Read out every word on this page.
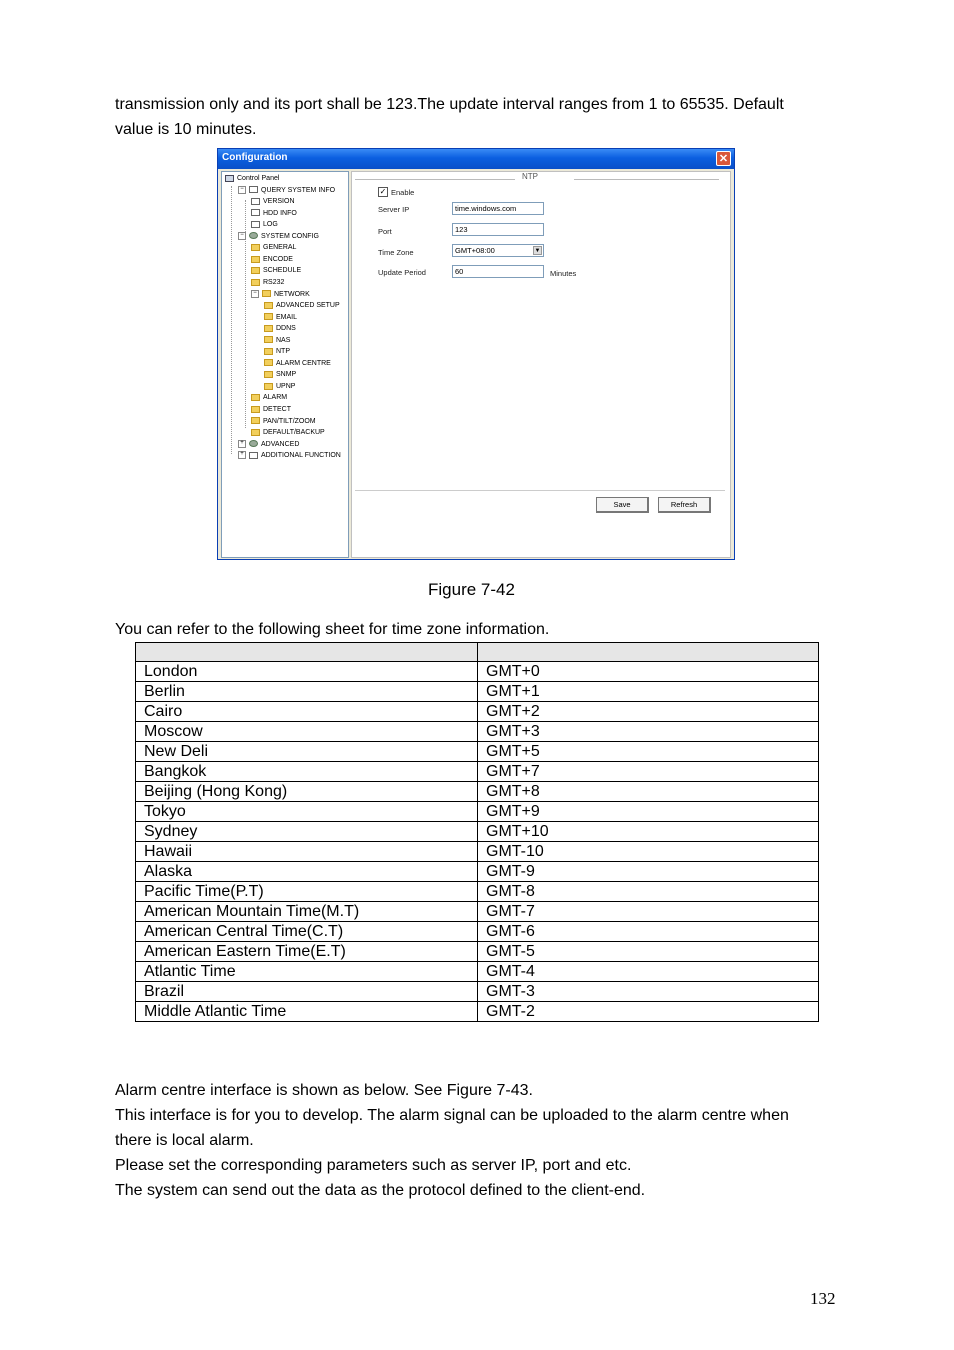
transmission only and its port shall be 123.The update interval ranges from 1 to 65535. Default
value is 10 minutes.
Configuration	✕
Control Panel
− QUERY SYSTEM INFO
VERSION
HDD INFO
LOG
− SYSTEM CONFIG
GENERAL
ENCODE
SCHEDULE
RS232
− NETWORK
ADVANCED SETUP
EMAIL
DDNS
NAS
NTP
ALARM CENTRE
SNMP
UPNP
ALARM
DETECT
PAN/TILT/ZOOM
DEFAULT/BACKUP
+ ADVANCED
+ ADDITIONAL FUNCTION
NTP
✓ Enable
Server IP	time.windows.com
Port	123
Time Zone	GMT+08:00	▼
Update Period	60	Minutes
Save	Refresh
Figure 7-42
You can refer to the following sheet for time zone information.

London	GMT+0
Berlin	GMT+1
Cairo	GMT+2
Moscow	GMT+3
New Deli	GMT+5
Bangkok	GMT+7
Beijing (Hong Kong)	GMT+8
Tokyo	GMT+9
Sydney	GMT+10
Hawaii	GMT-10
Alaska	GMT-9
Pacific Time(P.T)	GMT-8
American Mountain Time(M.T)	GMT-7
American Central Time(C.T)	GMT-6
American Eastern Time(E.T)	GMT-5
Atlantic Time	GMT-4
Brazil	GMT-3
Middle Atlantic Time	GMT-2
Alarm centre interface is shown as below. See Figure 7-43.
This interface is for you to develop. The alarm signal can be uploaded to the alarm centre when
there is local alarm.
Please set the corresponding parameters such as server IP, port and etc.
The system can send out the data as the protocol defined to the client-end.
132
